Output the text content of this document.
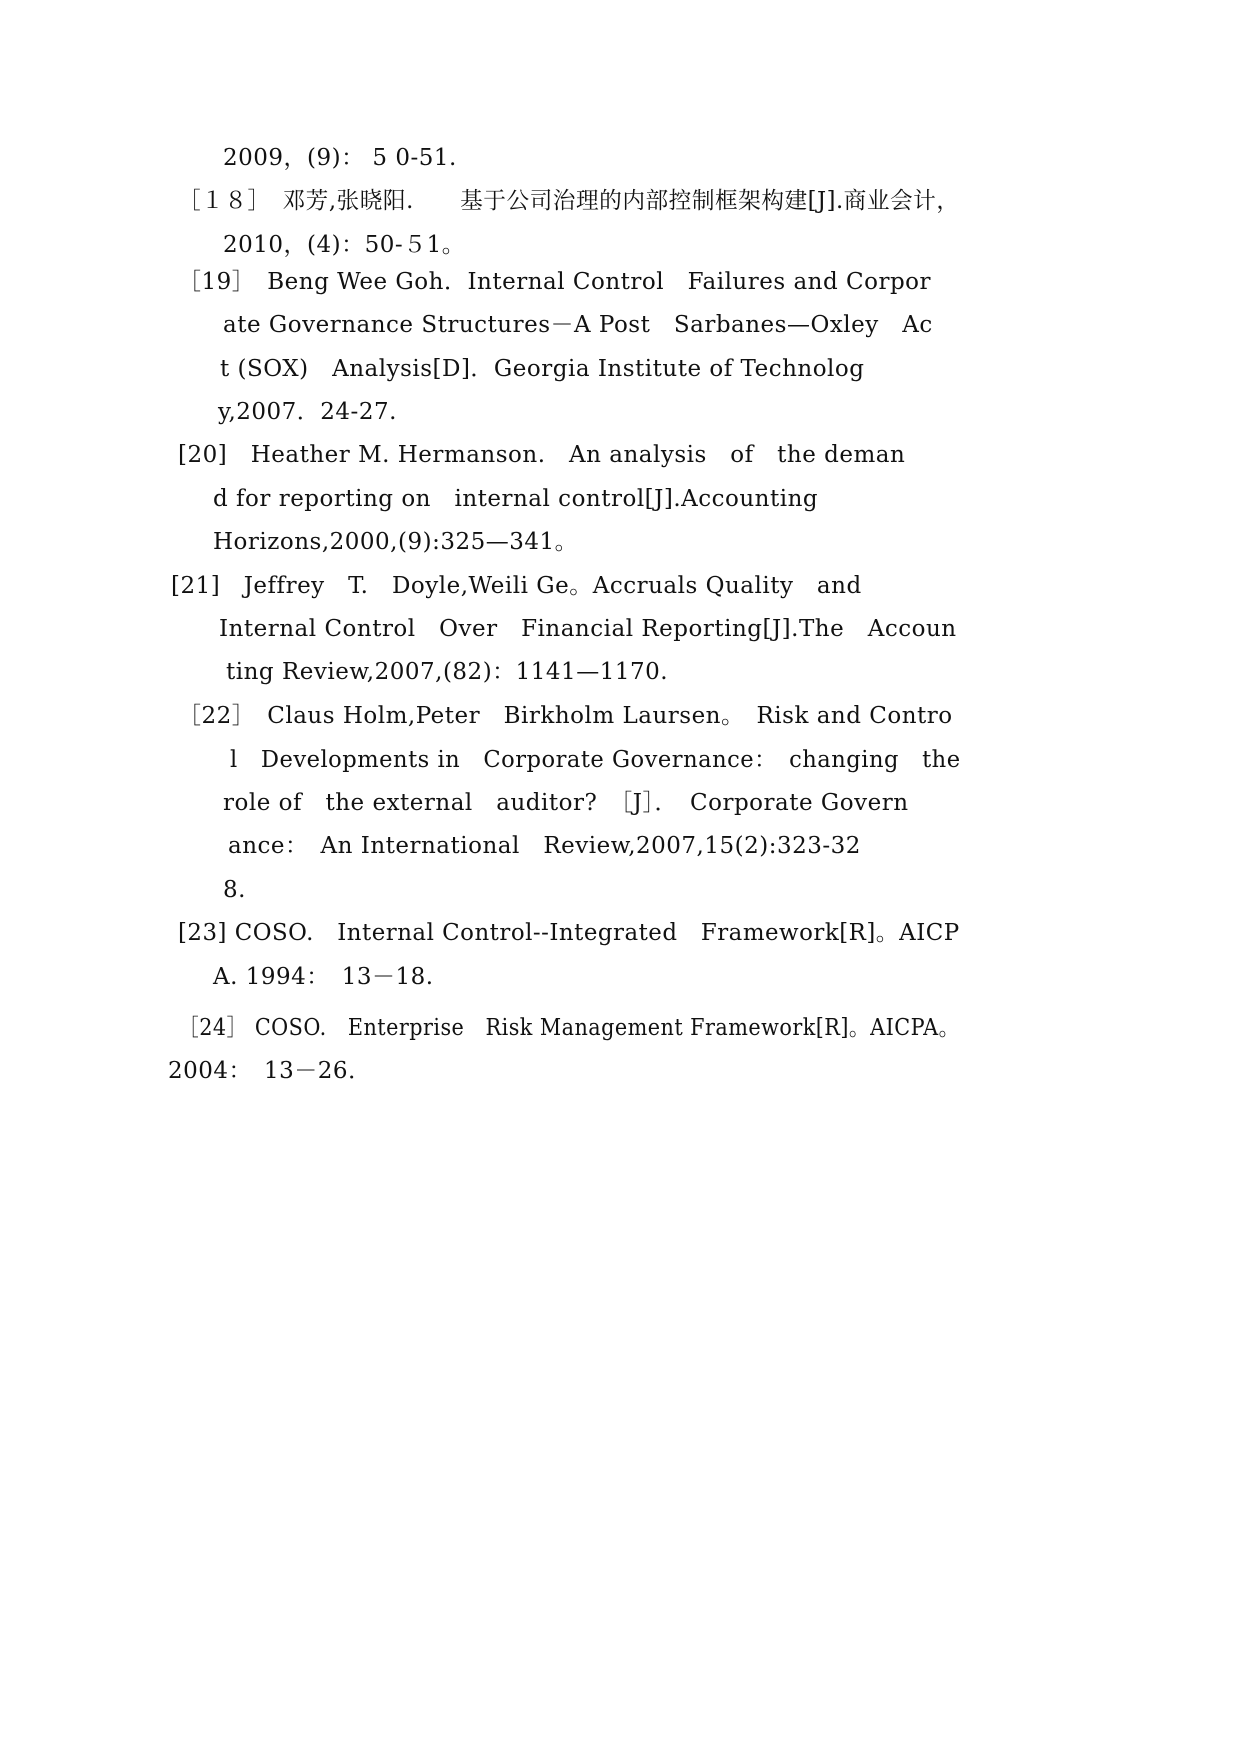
2009，(9)： 5 0-51.
［１８］　邓芳,张晓阳.　　基于公司治理的内部控制框架构建[J].商业会计，
2010，(4)：50-５1。
［19］　Beng Wee Goh．Internal Control　Failures and Corpor
ate Governance Structures－A Post　Sarbanes—Oxley　Ac
t (SOX)　Analysis[D]．Georgia Institute of Technolog
y,2007．24-27.
[20]　Heather M. Hermanson.　An analysis　of　the deman
d for reporting on　internal control[J].Accounting
Horizons,2000,(9):325—341。
[21]　Jeffrey　T.　Doyle,Weili Ge。Accruals Quality　and
Internal Control　Over　Financial Reporting[J].The　Accoun
ting Review,2007,(82)：1141—1170.
［22］　Claus Holm,Peter　Birkholm Laursen。　Risk and Contro
l　Developments in　Corporate Governance：　changing　the
role of　the external　auditor?　［J］．　Corporate Govern
ance：　An International　Review,2007,15(2):323-32
8.
[23] COSO.　Internal Control--Integrated　Framework[R]。AICP
A. 1994：　13－18.
［24］ COSO.　Enterprise　Risk Management Framework[R]。AICPA。
2004：　13－26．
